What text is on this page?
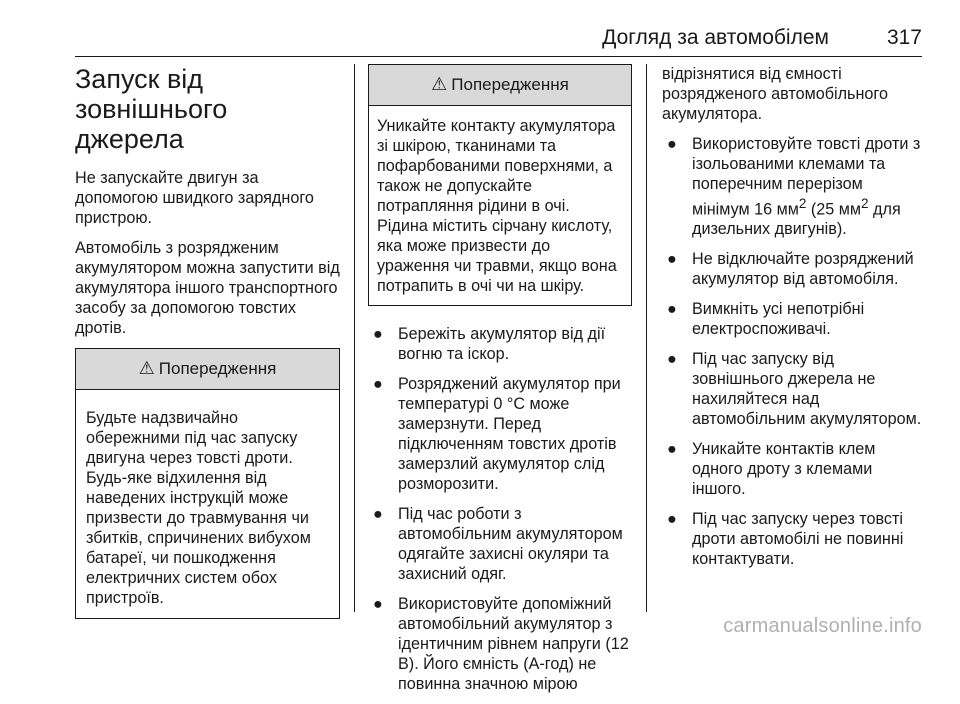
Догляд за автомобілем	317
Запуск від
зовнішнього джерела

Не запускайте двигун за допомогою швидкого зарядного пристрою.

Автомобіль з розрядженим акумулятором можна запустити від акумулятора іншого транспортного засобу за допомогою товстих дротів.

⚠ Попередження
Будьте надзвичайно обережними під час запуску двигуна через товсті дроти. Будь-яке відхилення від наведених інструкцій може призвести до травмування чи збитків, спричинених вибухом батареї, чи пошкодження електричних систем обох пристроїв.
⚠ Попередження
Уникайте контакту акумулятора зі шкірою, тканинами та пофарбованими поверхнями, а також не допускайте потрапляння рідини в очі. Рідина містить сірчану кислоту, яка може призвести до ураження чи травми, якщо вона потрапить в очі чи на шкіру.
● Бережіть акумулятор від дії вогню та іскор.
● Розряджений акумулятор при температурі 0 °C може замерзнути. Перед підключенням товстих дротів замерзлий акумулятор слід розморозити.
● Під час роботи з автомобільним акумулятором одягайте захисні окуляри та захисний одяг.
● Використовуйте допоміжний автомобільний акумулятор з ідентичним рівнем напруги (12 В). Його ємність (А-год) не повинна значною мірою

відрізнятися від ємності розрядженого автомобільного акумулятора.

● Використовуйте товсті дроти з ізольованими клемами та поперечним перерізом мінімум 16 $мм^2$ (25 $мм^2$ для дизельних двигунів).
● Не відключайте розряджений акумулятор від автомобіля.
● Вимкніть усі непотрібні електроспоживачі.
● Під час запуску від зовнішнього джерела не нахиляйтеся над автомобільним акумулятором.
● Уникайте контактів клем одного дроту з клемами іншого.
● Під час запуску через товсті дроти автомобілі не повинні контактувати.
carmanualsonline.info
